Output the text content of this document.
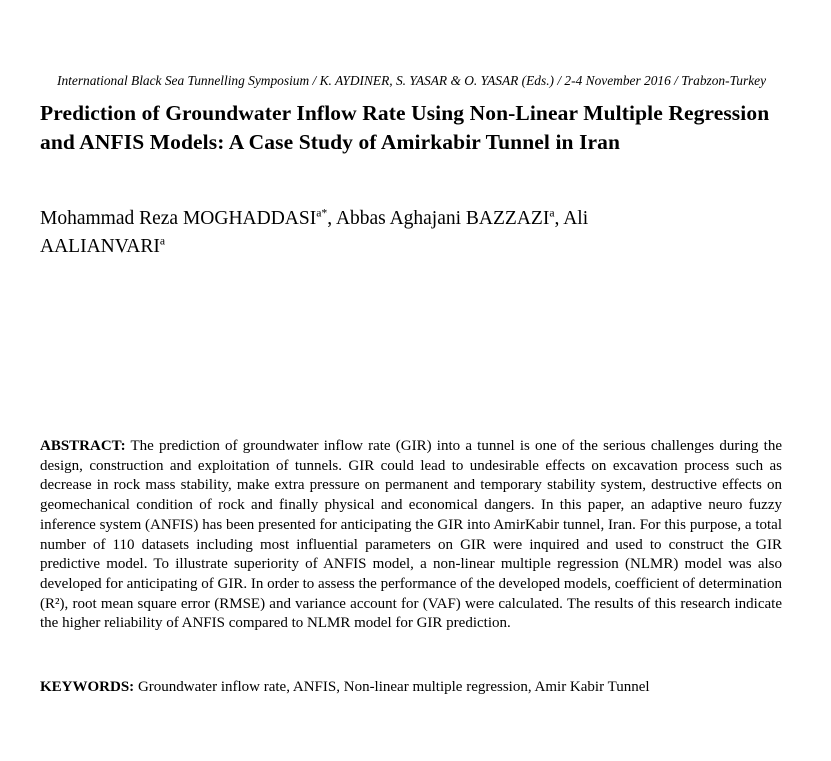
International Black Sea Tunnelling Symposium / K. AYDINER, S. YASAR & O. YASAR (Eds.) / 2-4 November 2016 / Trabzon-Turkey
Prediction of Groundwater Inflow Rate Using Non-Linear Multiple Regression and ANFIS Models: A Case Study of Amirkabir Tunnel in Iran
Mohammad Reza $MOGHADDASI^{a*}$, Abbas Aghajani BAZZAZI$^a$, Ali AALIANVARI$^a$

ABSTRACT: The prediction of groundwater inflow rate (GIR) into a tunnel is one of the serious challenges during the design, construction and exploitation of tunnels. GIR could lead to undesirable effects on excavation process such as decrease in rock mass stability, make extra pressure on permanent and temporary stability system, destructive effects on geomechanical condition of rock and finally physical and economical dangers. In this paper, an adaptive neuro fuzzy inference system (ANFIS) has been presented for anticipating the GIR into AmirKabir tunnel, Iran. For this purpose, a total number of 110 datasets including most influential parameters on GIR were inquired and used to construct the GIR predictive model. To illustrate superiority of ANFIS model, a non-linear multiple regression (NLMR) model was also developed for anticipating of GIR. In order to assess the performance of the developed models, coefficient of determination (R²), root mean square error (RMSE) and variance account for (VAF) were calculated. The results of this research indicate the higher reliability of ANFIS compared to NLMR model for GIR prediction.

KEYWORDS: Groundwater inflow rate, ANFIS, Non-linear multiple regression, Amir Kabir Tunnel
